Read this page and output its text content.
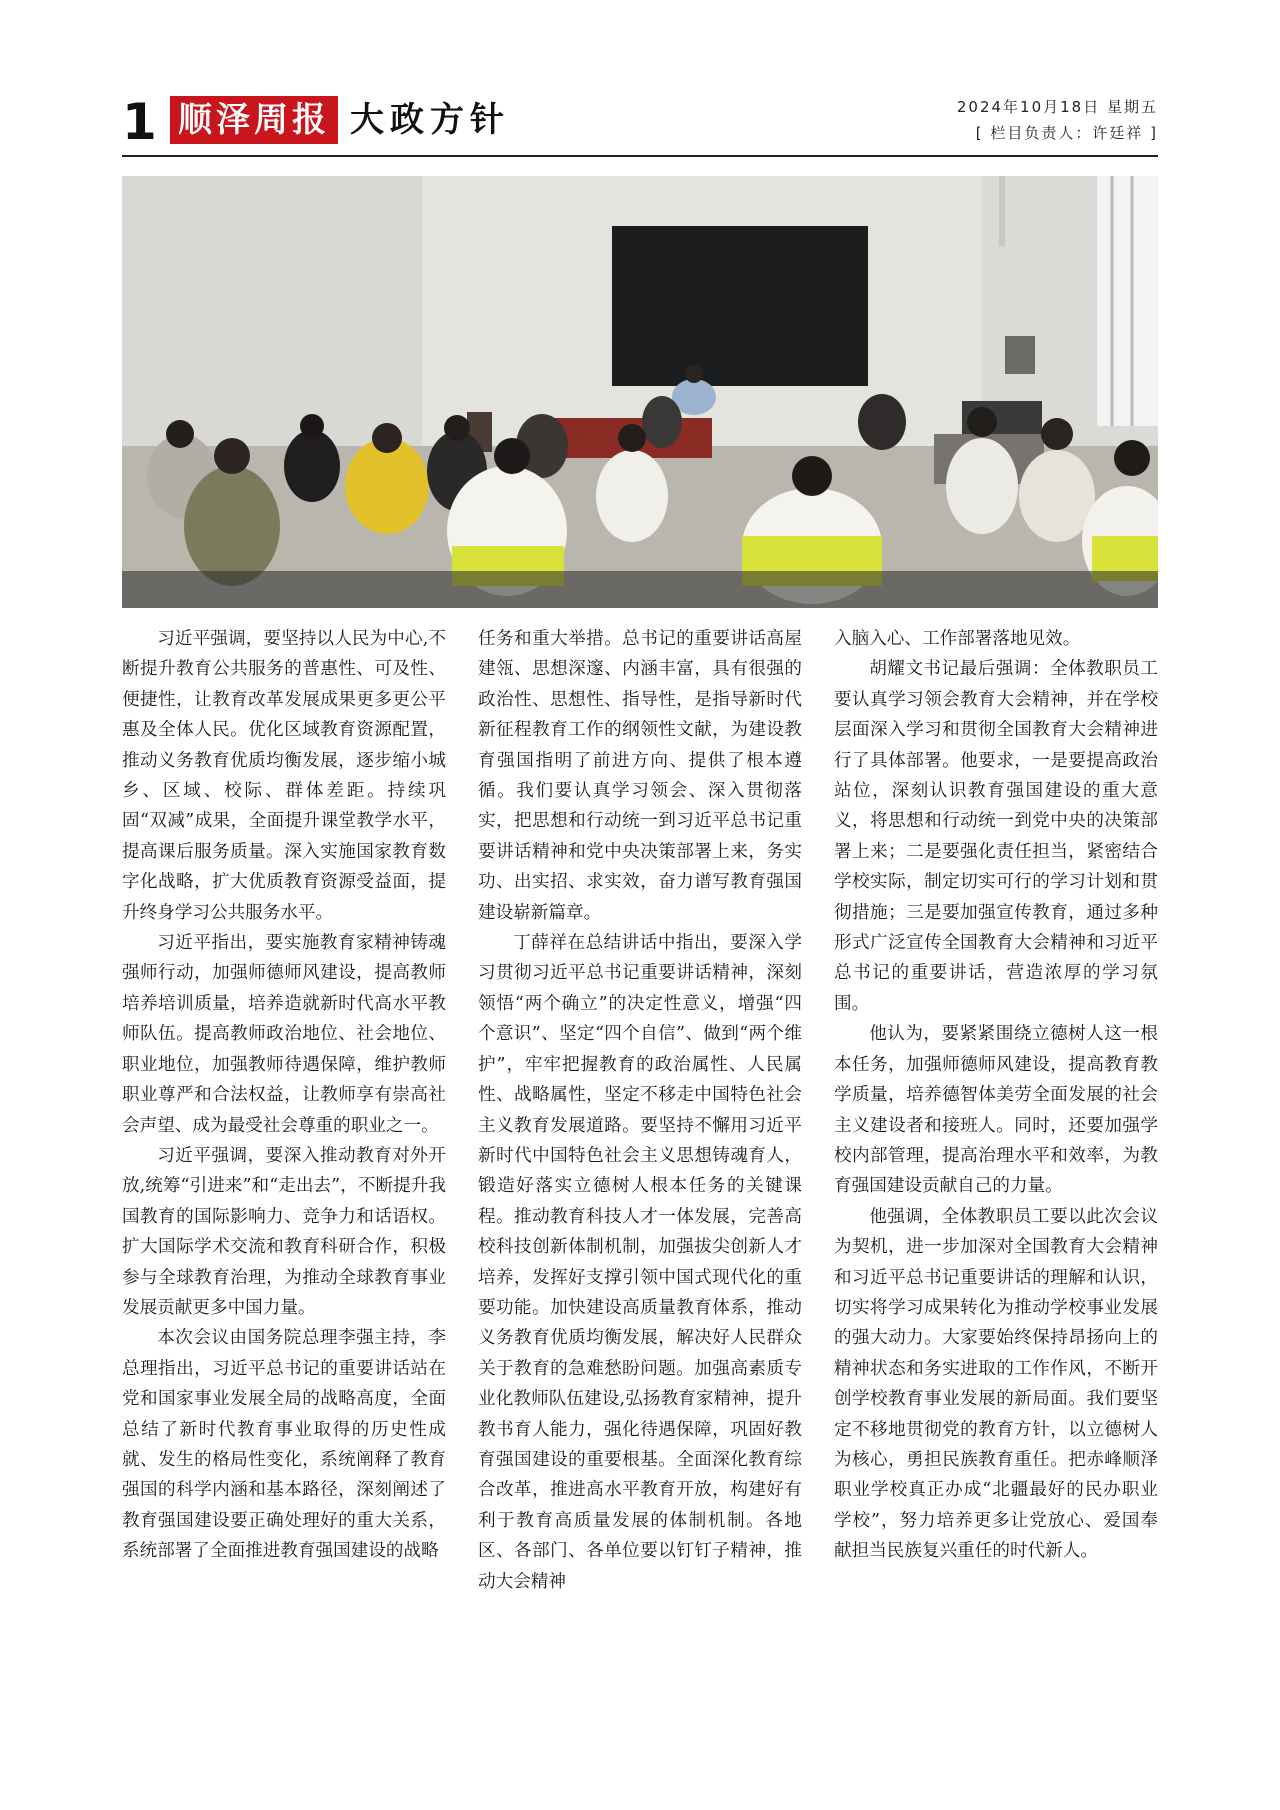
1 顺泽周报 大政方针	2024年10月18日 星期五
[ 栏目负责人：许廷祥 ]

习近平强调，要坚持以人民为中心,不断提升教育公共服务的普惠性、可及性、便捷性，让教育改革发展成果更多更公平惠及全体人民。优化区域教育资源配置，推动义务教育优质均衡发展，逐步缩小城乡、区域、校际、群体差距。持续巩固“双减”成果，全面提升课堂教学水平，提高课后服务质量。深入实施国家教育数字化战略，扩大优质教育资源受益面，提升终身学习公共服务水平。

习近平指出，要实施教育家精神铸魂强师行动，加强师德师风建设，提高教师培养培训质量，培养造就新时代高水平教师队伍。提高教师政治地位、社会地位、职业地位，加强教师待遇保障，维护教师职业尊严和合法权益，让教师享有崇高社会声望、成为最受社会尊重的职业之一。

习近平强调，要深入推动教育对外开放,统筹“引进来”和“走出去”，不断提升我国教育的国际影响力、竞争力和话语权。扩大国际学术交流和教育科研合作，积极参与全球教育治理，为推动全球教育事业发展贡献更多中国力量。

本次会议由国务院总理李强主持，李总理指出，习近平总书记的重要讲话站在党和国家事业发展全局的战略高度，全面总结了新时代教育事业取得的历史性成就、发生的格局性变化，系统阐释了教育强国的科学内涵和基本路径，深刻阐述了教育强国建设要正确处理好的重大关系，系统部署了全面推进教育强国建设的战略

任务和重大举措。总书记的重要讲话高屋建瓴、思想深邃、内涵丰富，具有很强的政治性、思想性、指导性，是指导新时代新征程教育工作的纲领性文献，为建设教育强国指明了前进方向、提供了根本遵循。我们要认真学习领会、深入贯彻落实，把思想和行动统一到习近平总书记重要讲话精神和党中央决策部署上来，务实功、出实招、求实效，奋力谱写教育强国建设崭新篇章。

丁薛祥在总结讲话中指出，要深入学习贯彻习近平总书记重要讲话精神，深刻领悟“两个确立”的决定性意义，增强“四个意识”、坚定“四个自信”、做到“两个维护”，牢牢把握教育的政治属性、人民属性、战略属性，坚定不移走中国特色社会主义教育发展道路。要坚持不懈用习近平新时代中国特色社会主义思想铸魂育人，锻造好落实立德树人根本任务的关键课程。推动教育科技人才一体发展，完善高校科技创新体制机制，加强拔尖创新人才培养，发挥好支撑引领中国式现代化的重要功能。加快建设高质量教育体系，推动义务教育优质均衡发展，解决好人民群众关于教育的急难愁盼问题。加强高素质专业化教师队伍建设,弘扬教育家精神，提升教书育人能力，强化待遇保障，巩固好教育强国建设的重要根基。全面深化教育综合改革，推进高水平教育开放，构建好有利于教育高质量发展的体制机制。各地区、各部门、各单位要以钉钉子精神，推动大会精神

入脑入心、工作部署落地见效。

胡耀文书记最后强调：全体教职员工要认真学习领会教育大会精神，并在学校层面深入学习和贯彻全国教育大会精神进行了具体部署。他要求，一是要提高政治站位，深刻认识教育强国建设的重大意义，将思想和行动统一到党中央的决策部署上来；二是要强化责任担当，紧密结合学校实际，制定切实可行的学习计划和贯彻措施；三是要加强宣传教育，通过多种形式广泛宣传全国教育大会精神和习近平总书记的重要讲话，营造浓厚的学习氛围。

他认为，要紧紧围绕立德树人这一根本任务，加强师德师风建设，提高教育教学质量，培养德智体美劳全面发展的社会主义建设者和接班人。同时，还要加强学校内部管理，提高治理水平和效率，为教育强国建设贡献自己的力量。

他强调，全体教职员工要以此次会议为契机，进一步加深对全国教育大会精神和习近平总书记重要讲话的理解和认识，切实将学习成果转化为推动学校事业发展的强大动力。大家要始终保持昂扬向上的精神状态和务实进取的工作作风，不断开创学校教育事业发展的新局面。我们要坚定不移地贯彻党的教育方针，以立德树人为核心，勇担民族教育重任。把赤峰顺泽职业学校真正办成“北疆最好的民办职业学校”，努力培养更多让党放心、爱国奉献担当民族复兴重任的时代新人。
